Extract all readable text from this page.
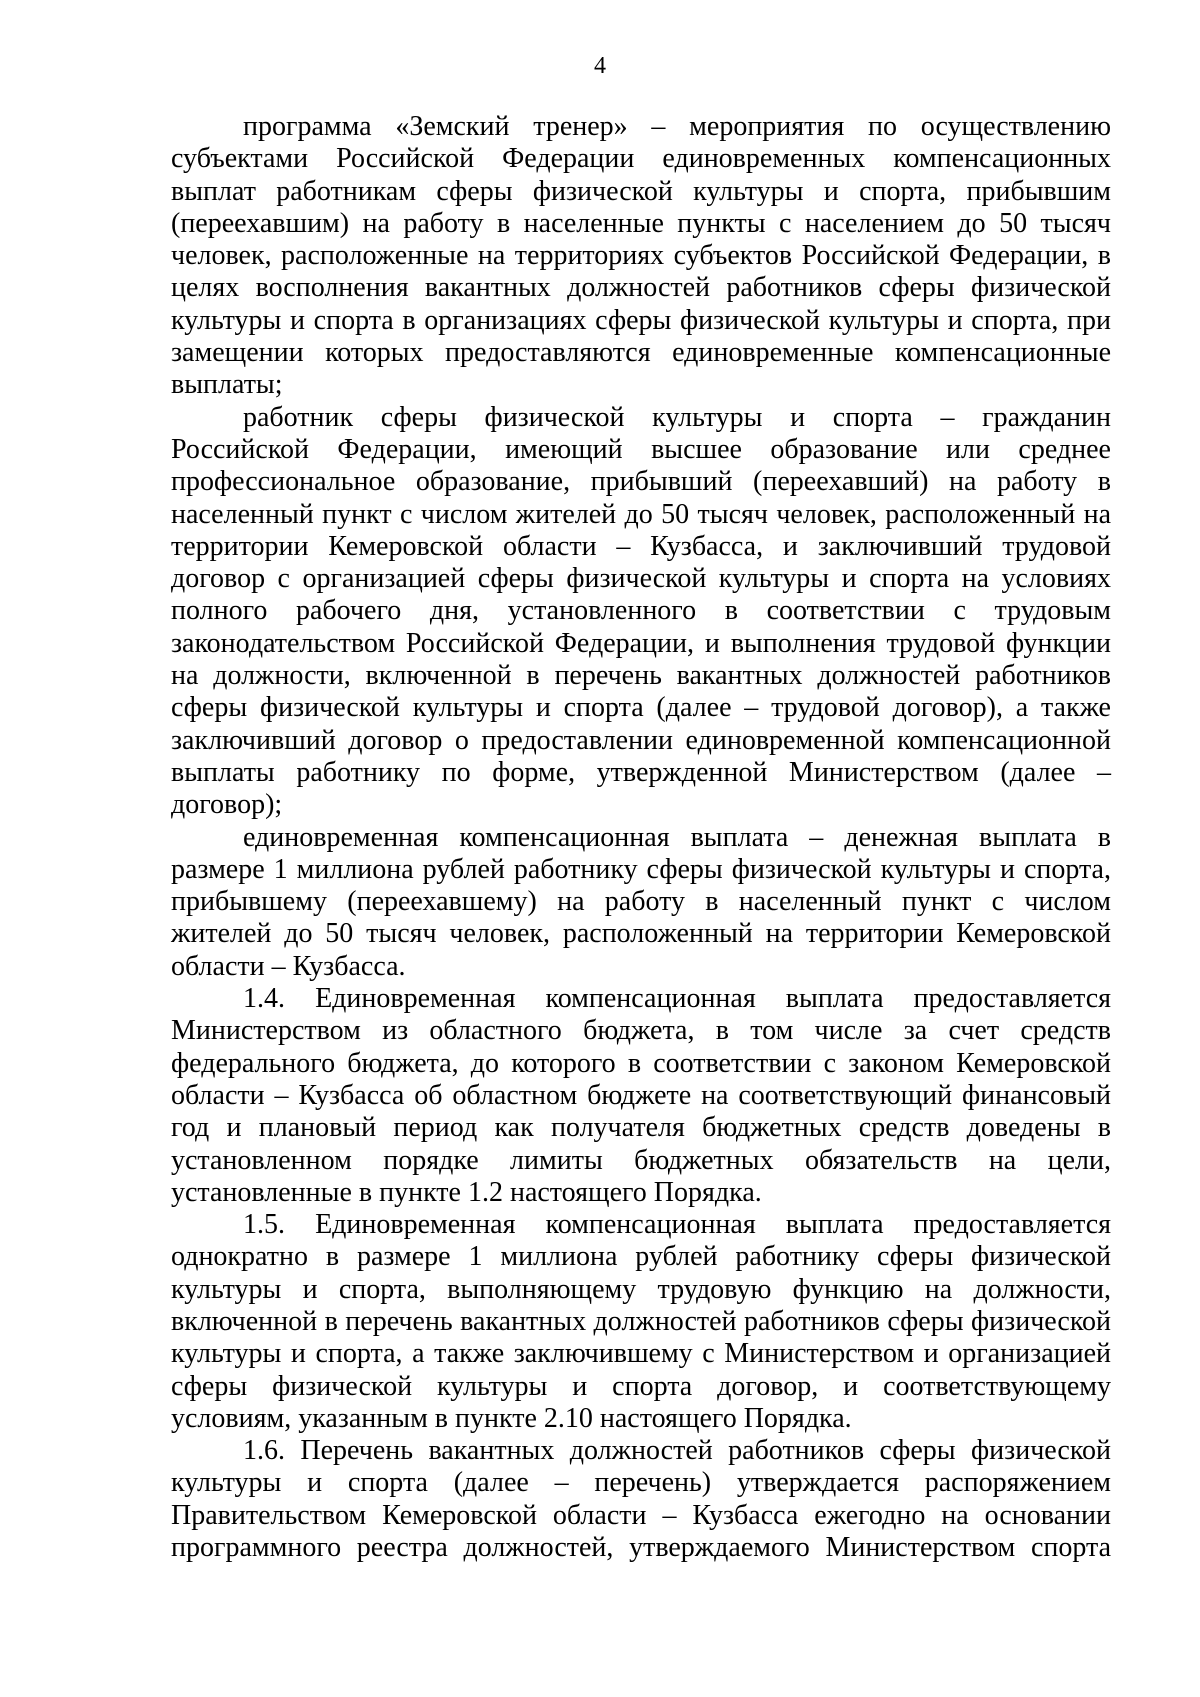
4

программа «Земский тренер» – мероприятия по осуществлению субъектами Российской Федерации единовременных компенсационных выплат работникам сферы физической культуры и спорта, прибывшим (переехавшим) на работу в населенные пункты с населением до 50 тысяч человек, расположенные на территориях субъектов Российской Федерации, в целях восполнения вакантных должностей работников сферы физической культуры и спорта в организациях сферы физической культуры и спорта, при замещении которых предоставляются единовременные компенсационные выплаты;

работник сферы физической культуры и спорта – гражданин Российской Федерации, имеющий высшее образование или среднее профессиональное образование, прибывший (переехавший) на работу в населенный пункт с числом жителей до 50 тысяч человек, расположенный на территории Кемеровской области – Кузбасса, и заключивший трудовой договор с организацией сферы физической культуры и спорта на условиях полного рабочего дня, установленного в соответствии с трудовым законодательством Российской Федерации, и выполнения трудовой функции на должности, включенной в перечень вакантных должностей работников сферы физической культуры и спорта (далее – трудовой договор), а также заключивший договор о предоставлении единовременной компенсационной выплаты работнику по форме, утвержденной Министерством (далее – договор);

единовременная компенсационная выплата – денежная выплата в размере 1 миллиона рублей работнику сферы физической культуры и спорта, прибывшему (переехавшему) на работу в населенный пункт с числом жителей до 50 тысяч человек, расположенный на территории Кемеровской области – Кузбасса.

1.4. Единовременная компенсационная выплата предоставляется Министерством из областного бюджета, в том числе за счет средств федерального бюджета, до которого в соответствии с законом Кемеровской области – Кузбасса об областном бюджете на соответствующий финансовый год и плановый период как получателя бюджетных средств доведены в установленном порядке лимиты бюджетных обязательств на цели, установленные в пункте 1.2 настоящего Порядка.

1.5. Единовременная компенсационная выплата предоставляется однократно в размере 1 миллиона рублей работнику сферы физической культуры и спорта, выполняющему трудовую функцию на должности, включенной в перечень вакантных должностей работников сферы физической культуры и спорта, а также заключившему с Министерством и организацией сферы физической культуры и спорта договор, и соответствующему условиям, указанным в пункте 2.10 настоящего Порядка.

1.6. Перечень вакантных должностей работников сферы физической культуры и спорта (далее – перечень) утверждается распоряжением Правительством Кемеровской области – Кузбасса ежегодно на основании программного реестра должностей, утверждаемого Министерством спорта
